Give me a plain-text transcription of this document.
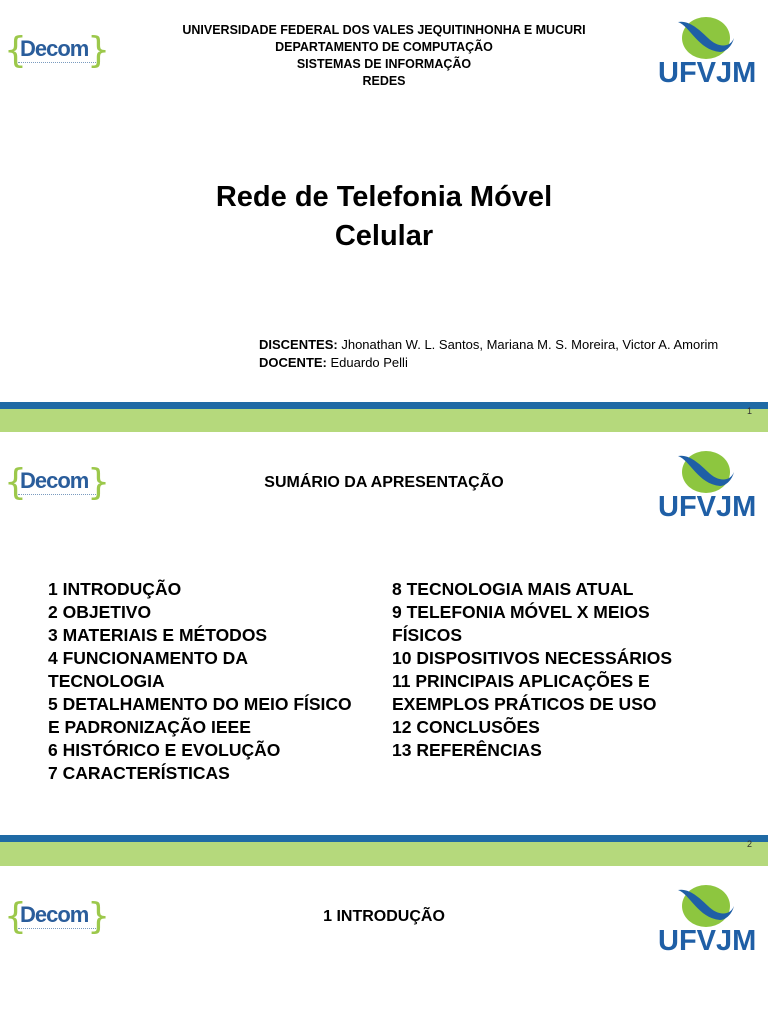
{
Decom
}	UNIVERSIDADE FEDERAL DOS VALES JEQUITINHONHA E MUCURI
DEPARTAMENTO DE COMPUTAÇÃO
SISTEMAS DE INFORMAÇÃO
REDES	UFVJM
Rede de Telefonia Móvel
Celular
DISCENTES: Jhonathan W. L. Santos, Mariana M. S. Moreira, Victor A. Amorim
DOCENTE: Eduardo Pelli
1
{
Decom
}	SUMÁRIO DA APRESENTAÇÃO
UFVJM
1 INTRODUÇÃO
2 OBJETIVO
3 MATERIAIS E MÉTODOS
4 FUNCIONAMENTO DA TECNOLOGIA
5 DETALHAMENTO DO MEIO FÍSICO E PADRONIZAÇÃO IEEE
6 HISTÓRICO E EVOLUÇÃO
7 CARACTERÍSTICAS
8 TECNOLOGIA MAIS ATUAL
9 TELEFONIA MÓVEL X MEIOS FÍSICOS
10 DISPOSITIVOS NECESSÁRIOS
11 PRINCIPAIS APLICAÇÕES E EXEMPLOS PRÁTICOS DE USO
12 CONCLUSÕES
13 REFERÊNCIAS
2
{
Decom
}	1 INTRODUÇÃO
UFVJM
